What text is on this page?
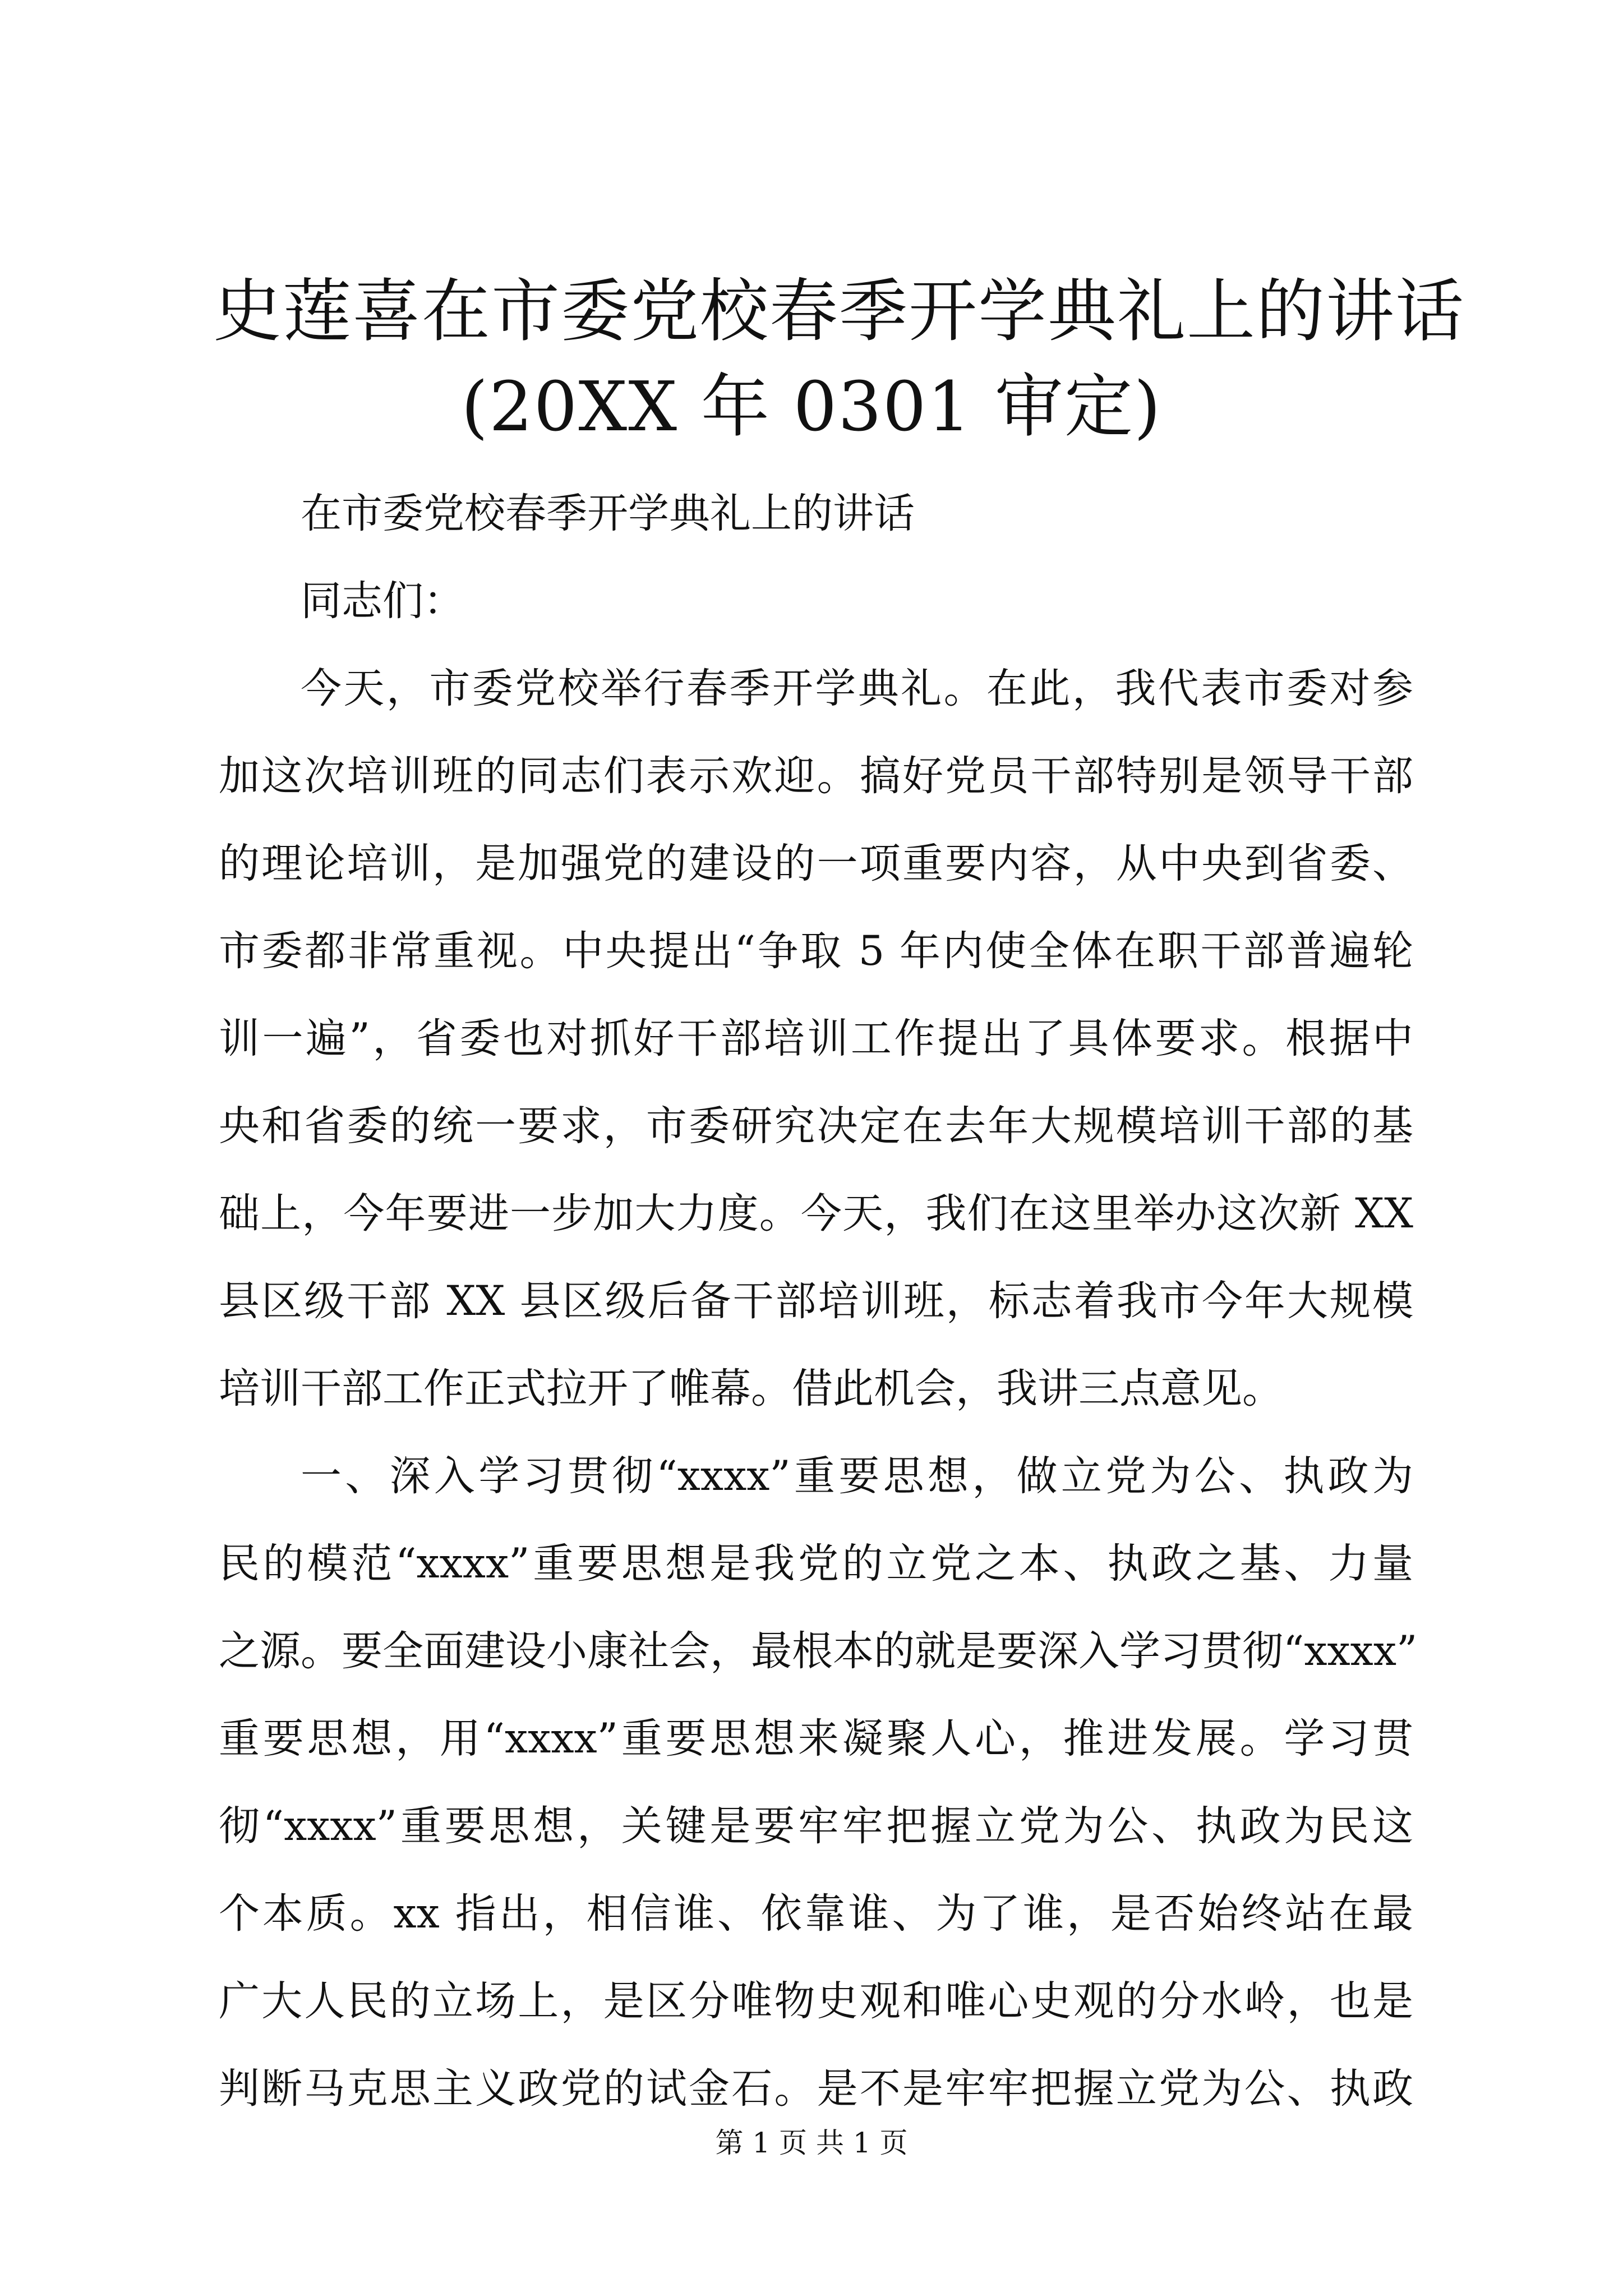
史莲喜在市委党校春季开学典礼上的讲话
(20XX 年 0301 审定)
在市委党校春季开学典礼上的讲话
同志们：
今天，市委党校举行春季开学典礼。在此，我代表市委对参
加这次培训班的同志们表示欢迎。搞好党员干部特别是领导干部
的理论培训，是加强党的建设的一项重要内容，从中央到省委、
市委都非常重视。中央提出“争取 5 年内使全体在职干部普遍轮
训一遍”，省委也对抓好干部培训工作提出了具体要求。根据中
央和省委的统一要求，市委研究决定在去年大规模培训干部的基
础上，今年要进一步加大力度。今天，我们在这里举办这次新 XX
县区级干部 XX 县区级后备干部培训班，标志着我市今年大规模
培训干部工作正式拉开了帷幕。借此机会，我讲三点意见。
一、深入学习贯彻“xxxx”重要思想，做立党为公、执政为
民的模范“xxxx”重要思想是我党的立党之本、执政之基、力量
之源。要全面建设小康社会，最根本的就是要深入学习贯彻“xxxx”
重要思想，用“xxxx”重要思想来凝聚人心，推进发展。学习贯
彻“xxxx”重要思想，关键是要牢牢把握立党为公、执政为民这
个本质。xx 指出，相信谁、依靠谁、为了谁，是否始终站在最
广大人民的立场上，是区分唯物史观和唯心史观的分水岭，也是
判断马克思主义政党的试金石。是不是牢牢把握立党为公、执政
第 1 页 共 1 页
